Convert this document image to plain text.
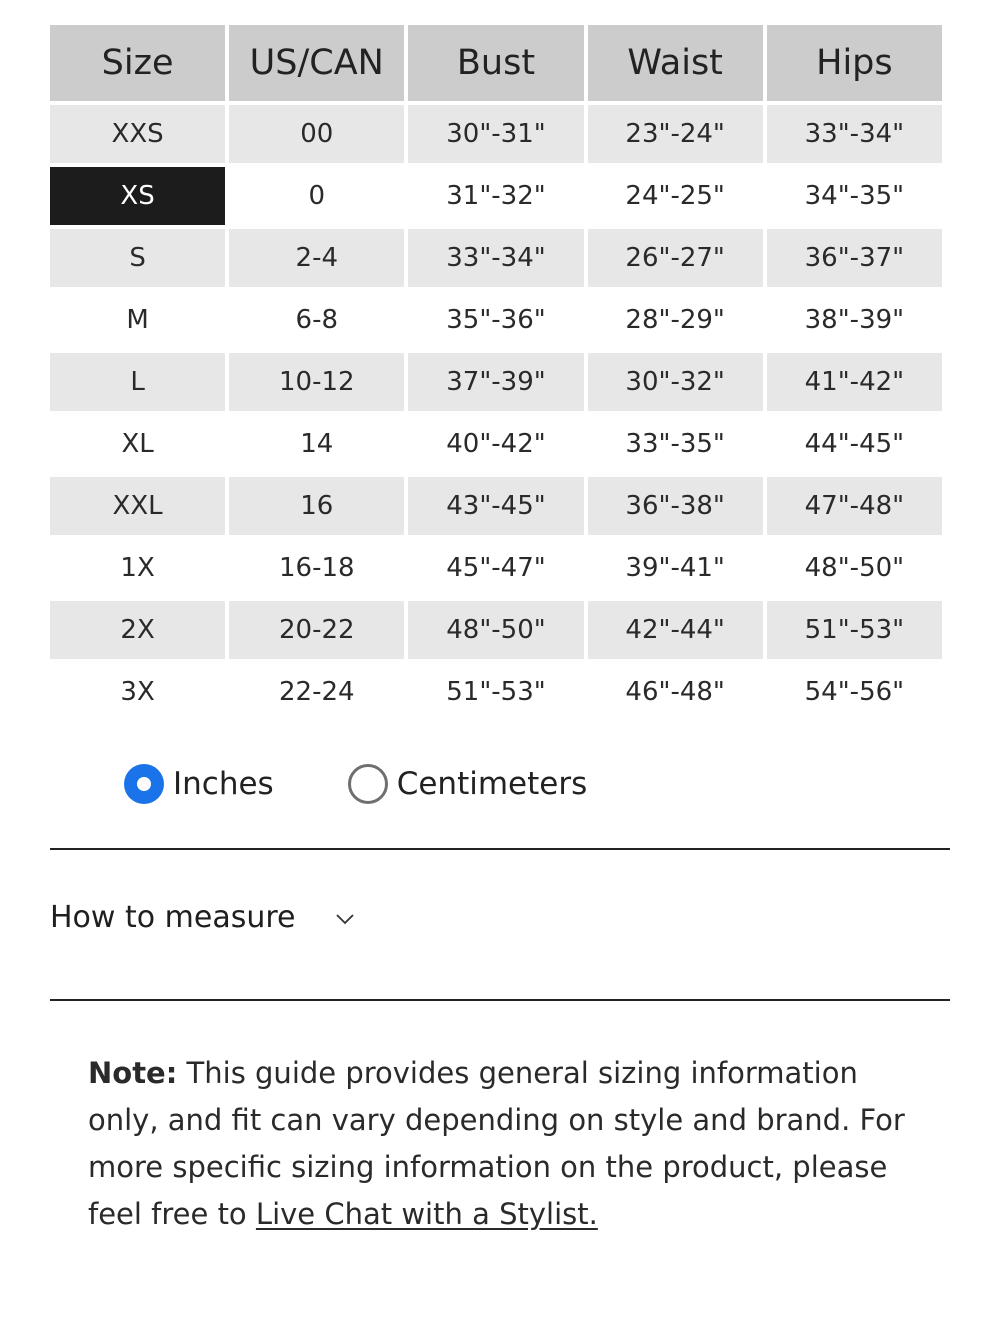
Size	US/CAN	Bust	Waist	Hips
XXS	00	30"-31"	23"-24"	33"-34"
XS	0	31"-32"	24"-25"	34"-35"
S	2-4	33"-34"	26"-27"	36"-37"
M	6-8	35"-36"	28"-29"	38"-39"
L	10-12	37"-39"	30"-32"	41"-42"
XL	14	40"-42"	33"-35"	44"-45"
XXL	16	43"-45"	36"-38"	47"-48"
1X	16-18	45"-47"	39"-41"	48"-50"
2X	20-22	48"-50"	42"-44"	51"-53"
3X	22-24	51"-53"	46"-48"	54"-56"
Inches	Centimeters
How to measure
Note: This guide provides general sizing information only, and fit can vary depending on style and brand. For more specific sizing information on the product, please feel free to Live Chat with a Stylist.
